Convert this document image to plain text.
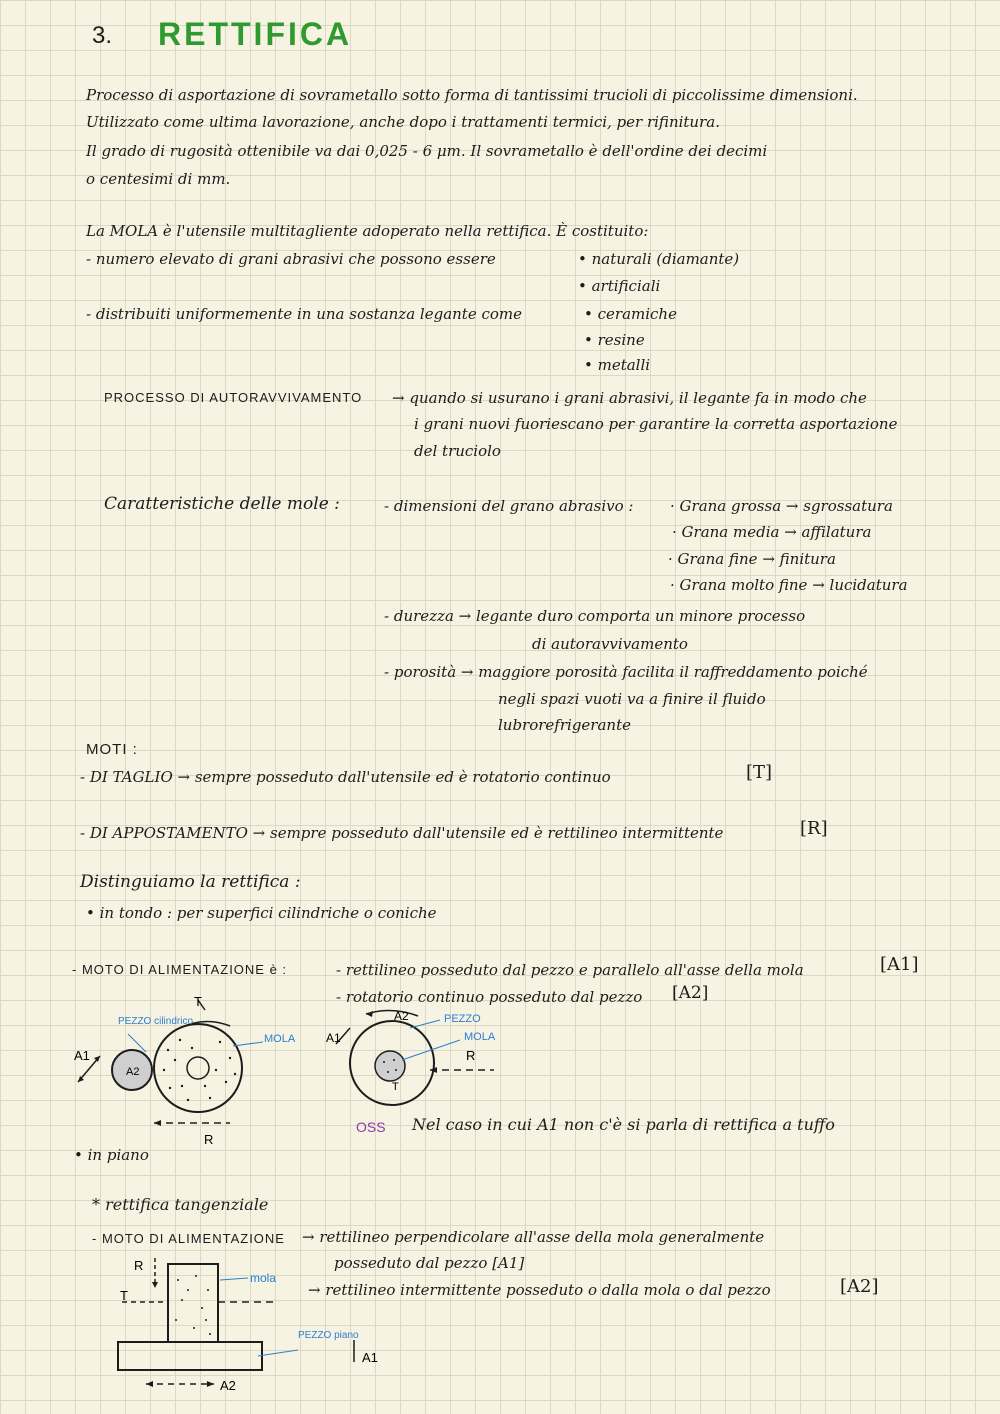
3. RETTIFICA
Processo di asportazione di sovrametallo sotto forma di tantissimi trucioli di piccolissime dimensioni.
Utilizzato come ultima lavorazione, anche dopo i trattamenti termici, per rifinitura.
Il grado di rugosità ottenibile va dai 0,025 - 6 μm. Il sovrametallo è dell'ordine dei decimi
o centesimi di mm.
La MOLA è l'utensile multitagliente adoperato nella rettifica. È costituito:
- numero elevato di grani abrasivi che possono essere	• naturali (diamante)
• artificiali
- distribuiti uniformemente in una sostanza legante come	• ceramiche
• resine
• metalli
PROCESSO DI AUTORAVVIVAMENTO → quando si usurano i grani abrasivi, il legante fa in modo che
i grani nuovi fuoriescano per garantire la corretta asportazione
del truciolo
Caratteristiche delle mole :	- dimensioni del grano abrasivo : · Grana grossa → sgrossatura
· Grana media → affilatura
· Grana fine → finitura
· Grana molto fine → lucidatura
- durezza → legante duro comporta un minore processo
di autoravvivamento
- porosità → maggiore porosità facilita il raffreddamento poiché
negli spazi vuoti va a finire il fluido
lubrorefrigerante
MOTI :
- DI TAGLIO → sempre posseduto dall'utensile ed è rotatorio continuo	[T]
- DI APPOSTAMENTO → sempre posseduto dall'utensile ed è rettilineo intermittente	[R]
Distinguiamo la rettifica :
• in tondo : per superfici cilindriche o coniche
- MOTO DI ALIMENTAZIONE è :	- rettilineo posseduto dal pezzo e parallelo all'asse della mola	[A1]
- rotatorio continuo posseduto dal pezzo [A2]
T
A1
A2
R
PEZZO cilindrico
MOLA
A2
A1
R
T
PEZZO
MOLA
OSS Nel caso in cui A1 non c'è si parla di rettifica a tuffo
• in piano
* rettifica tangenziale
- MOTO DI ALIMENTAZIONE → rettilineo perpendicolare all'asse della mola generalmente
posseduto dal pezzo [A1]
→ rettilineo intermittente posseduto o dalla mola o dal pezzo	[A2]
R
T
mola
PEZZO piano
A1
A2
